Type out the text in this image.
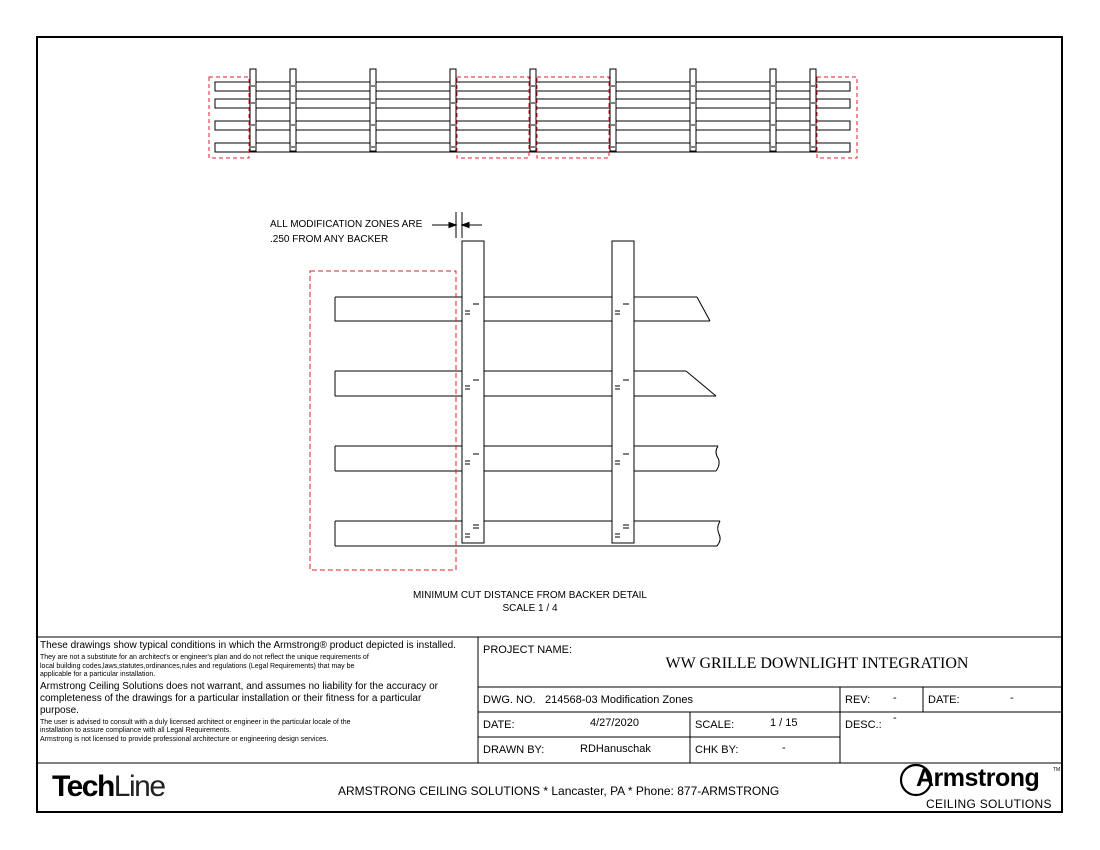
ALL MODIFICATION ZONES ARE
.250 FROM ANY BACKER
MINIMUM CUT DISTANCE FROM BACKER DETAIL
SCALE 1 / 4
These drawings show typical conditions in which the Armstrong® product depicted is installed.
They are not a substitute for an architect's or engineer's plan and do not reflect the unique requirements of
local building codes,laws,statutes,ordinances,rules and regulations (Legal Requirements) that may be
applicable for a particular installation.
Armstrong Ceiling Solutions does not warrant, and assumes no liability for the accuracy or
completeness of the drawings for a particular installation or their fitness for a particular
purpose.
The user is advised to consult with a duly licensed architect or engineer in the particular locale of the
installation to assure compliance with all Legal Requirements.
Armstrong is not licensed to provide professional architecture or engineering design services.
PROJECT NAME:
WW GRILLE DOWNLIGHT INTEGRATION
DWG. NO. 214568-03 Modification Zones	REV: -	DATE:	-
DATE:	4/27/2020	SCALE:	1 / 15	DESC.:
-
DRAWN BY:	RDHanuschak	CHK BY:	-
TechLine	ARMSTRONG CEILING SOLUTIONS * Lancaster, PA * Phone: 877-ARMSTRONG	Armstrong	TM
CEILING SOLUTIONS
